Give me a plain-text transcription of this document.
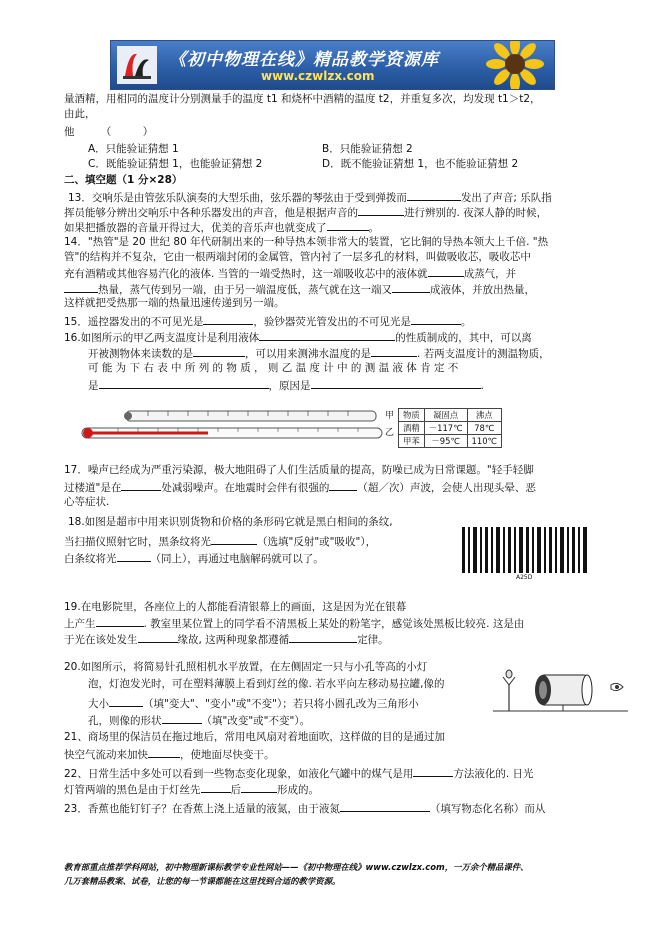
《初中物理在线》精品教学资源库
www.czwlzx.com
量酒精，用相同的温度计分别测量手的温度 t1 和烧杯中酒精的温度 t2，并重复多次，均发现 t1＞t2，
由此，
他　　　（　　　）
A．只能验证猜想 1	B．只能验证猜想 2
C．既能验证猜想 1，也能验证猜想 2	D．既不能验证猜想 1，也不能验证猜想 2
二、填空题（1 分×28）
13．交响乐是由管弦乐队演奏的大型乐曲，弦乐器的琴弦由于受到弹拨而	发出了声音; 乐队指
挥员能够分辨出交响乐中各种乐器发出的声音，他是根据声音的	进行辨别的. 夜深人静的时候，
如果把播放器的音量开得过大，优美的音乐声也就变成了	。
14．"热管"是 20 世纪 80 年代研制出来的一种导热本领非常大的装置，它比铜的导热本领大上千倍. "热
管"的结构并不复杂，它由一根两端封闭的金属管，管内衬了一层多孔的材料，叫做吸收芯，吸收芯中
充有酒精或其他容易汽化的液体. 当管的一端受热时，这一端吸收芯中的液体就	成蒸气，并
热量，蒸气传到另一端，由于另一端温度低，蒸气就在这一端又	成液体，并放出热量，
这样就把受热那一端的热量迅速传递到另一端。
15．遥控器发出的不可见光是	，验钞器荧光管发出的不可见光是	。
16.如图所示的甲乙两支温度计是利用液体	的性质制成的，其中，可以离
开被测物体来读数的是	，可以用来测沸水温度的是	. 若两支温度计的测温物质，
可 能 为 下 右 表 中 所 列 的 物 质 ， 则 乙 温 度 计 中 的 测 温 液 体 肯 定 不
是	，原因是	.
甲
乙
物质	凝固点	沸点
酒精	－117℃	78℃
甲苯	－95℃	110℃
17．噪声已经成为严重污染源，极大地阻碍了人们生活质量的提高，防噪已成为日常课题。"轻手轻脚
过楼道"是在	处减弱噪声。在地震时会伴有很强的	（超／次）声波，会使人出现头晕、恶
心等症状.
18.如图是超市中用来识别货物和价格的条形码它就是黑白相间的条纹,
当扫描仪照射它时，黑条纹将光	（选填"反射"或"吸收"），
白条纹将光	（同上），再通过电脑解码就可以了。
A25D
19.在电影院里，各座位上的人都能看清银幕上的画面，这是因为光在银幕
上产生	. 教室里某位置上的同学看不清黑板上某处的粉笔字，感觉该处黑板比较亮. 这是由
于光在该处发生	缘故, 这两种现象都遵循	定律。
20.如图所示，将简易针孔照相机水平放置，在左侧固定一只与小孔等高的小灯
泡，灯泡发光时，可在塑料薄膜上看到灯丝的像. 若水平向左移动易拉罐,像的
大小	（填"变大"、"变小"或"不变"）；若只将小圆孔改为三角形小
孔，则像的形状	（填"改变"或"不变"）。
21、商场里的保洁员在拖过地后，常用电风扇对着地面吹，这样做的目的是通过加
快空气流动来加快	，使地面尽快变干。
22、日常生活中多处可以看到一些物态变化现象，如液化气罐中的煤气是用	方法液化的. 日光
灯管两端的黑色是由于灯丝先	后	形成的。
23．香蕉也能钉钉子？在香蕉上浇上适量的液氮，由于液氮	（填写物态化名称）而从
教育部重点推荐学科网站，初中物理新课标教学专业性网站——《初中物理在线》www.czwlzx.com，一万余个精品课件、
几万套精品教案、试卷，让您的每一节课都能在这里找到合适的教学资源。
